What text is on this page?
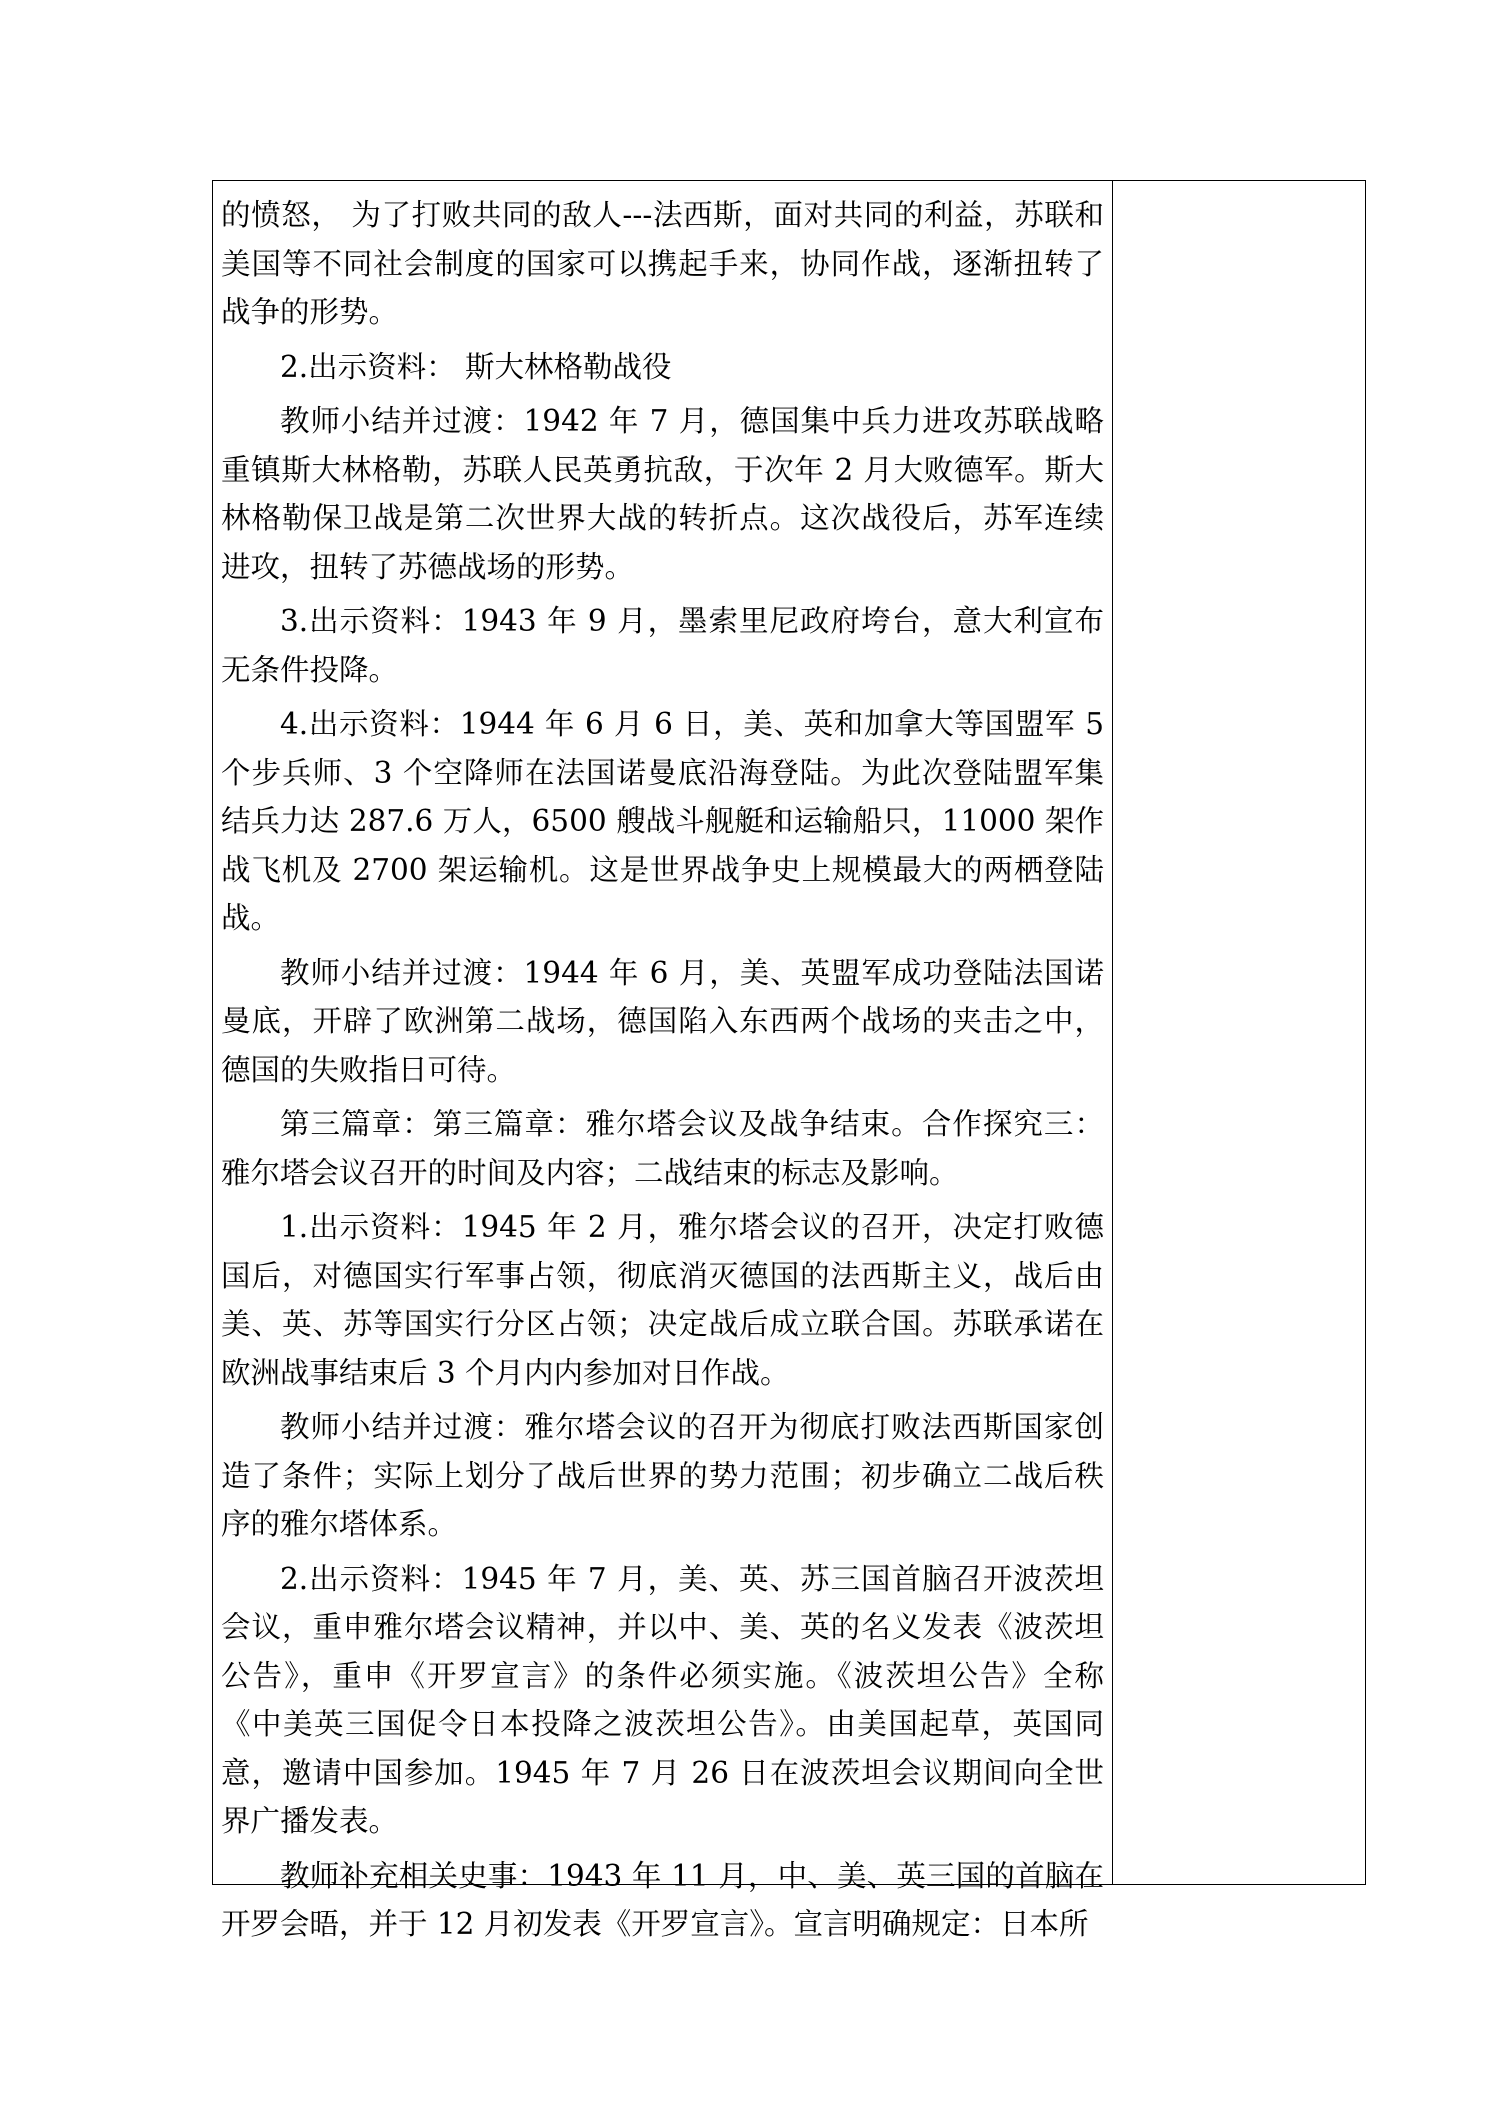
的愤怒， 为了打败共同的敌人---法西斯，面对共同的利益，苏联和美国等不同社会制度的国家可以携起手来，协同作战，逐渐扭转了战争的形势。

2.出示资料： 斯大林格勒战役

教师小结并过渡：1942 年 7 月，德国集中兵力进攻苏联战略重镇斯大林格勒，苏联人民英勇抗敌，于次年 2 月大败德军。斯大林格勒保卫战是第二次世界大战的转折点。这次战役后，苏军连续进攻，扭转了苏德战场的形势。

3.出示资料：1943 年 9 月，墨索里尼政府垮台，意大利宣布无条件投降。

4.出示资料：1944 年 6 月 6 日，美、英和加拿大等国盟军 5 个步兵师、3 个空降师在法国诺曼底沿海登陆。为此次登陆盟军集结兵力达 287.6 万人，6500 艘战斗舰艇和运输船只，11000 架作战飞机及 2700 架运输机。这是世界战争史上规模最大的两栖登陆战。

教师小结并过渡：1944 年 6 月，美、英盟军成功登陆法国诺曼底，开辟了欧洲第二战场，德国陷入东西两个战场的夹击之中，德国的失败指日可待。

第三篇章：第三篇章：雅尔塔会议及战争结束。合作探究三：雅尔塔会议召开的时间及内容；二战结束的标志及影响。

1.出示资料：1945 年 2 月，雅尔塔会议的召开，决定打败德国后，对德国实行军事占领，彻底消灭德国的法西斯主义，战后由美、英、苏等国实行分区占领；决定战后成立联合国。苏联承诺在欧洲战事结束后 3 个月内内参加对日作战。

教师小结并过渡：雅尔塔会议的召开为彻底打败法西斯国家创造了条件；实际上划分了战后世界的势力范围；初步确立二战后秩序的雅尔塔体系。

2.出示资料：1945 年 7 月，美、英、苏三国首脑召开波茨坦会议，重申雅尔塔会议精神，并以中、美、英的名义发表《波茨坦公告》，重申《开罗宣言》的条件必须实施。《波茨坦公告》全称《中美英三国促令日本投降之波茨坦公告》。由美国起草，英国同意，邀请中国参加。1945 年 7 月 26 日在波茨坦会议期间向全世界广播发表。

教师补充相关史事：1943 年 11 月，中、美、英三国的首脑在开罗会晤，并于 12 月初发表《开罗宣言》。宣言明确规定：日本所
